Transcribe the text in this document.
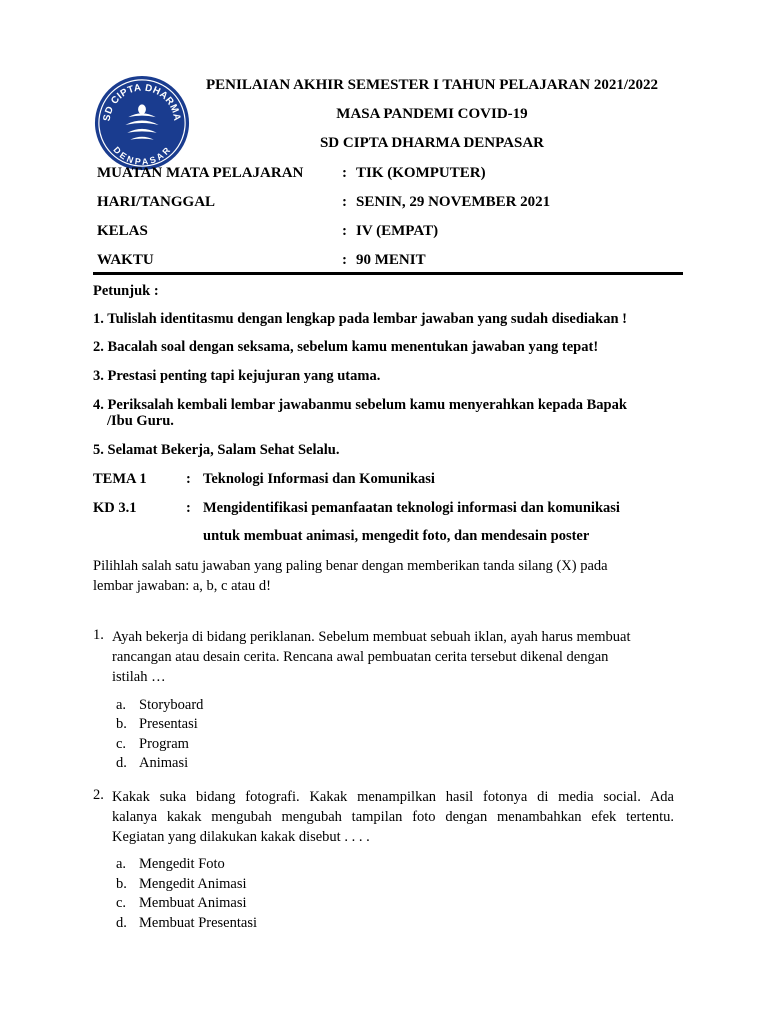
SD CIPTA DHARMA
DENPASAR
PENILAIAN AKHIR SEMESTER I TAHUN PELAJARAN 2021/2022
MASA PANDEMI COVID-19
SD CIPTA DHARMA DENPASAR
MUATAN MATA PELAJARAN	: TIK (KOMPUTER)
HARI/TANGGAL	: SENIN, 29 NOVEMBER 2021
KELAS	: IV (EMPAT)
WAKTU	: 90 MENIT
Petunjuk :
1. Tulislah identitasmu dengan lengkap pada lembar jawaban yang sudah disediakan !
2. Bacalah soal dengan seksama, sebelum kamu menentukan jawaban yang tepat!
3. Prestasi penting tapi kejujuran yang utama.
4. Periksalah kembali lembar jawabanmu sebelum kamu menyerahkan kepada Bapak
/Ibu Guru.
5. Selamat Bekerja, Salam Sehat Selalu.
TEMA 1	: Teknologi Informasi dan Komunikasi
KD 3.1	: Mengidentifikasi pemanfaatan teknologi informasi dan komunikasi
untuk membuat animasi, mengedit foto, dan mendesain poster
Pilihlah salah satu jawaban yang paling benar dengan memberikan tanda silang (X) pada
lembar jawaban: a, b, c atau d!
1. Ayah bekerja di bidang periklanan. Sebelum membuat sebuah iklan, ayah harus membuat
rancangan atau desain cerita. Rencana awal pembuatan cerita tersebut dikenal dengan
istilah …
a. Storyboard
b. Presentasi
c. Program
d. Animasi
2. Kakak suka bidang fotografi. Kakak menampilkan hasil fotonya di media social. Ada
kalanya kakak mengubah mengubah tampilan foto dengan menambahkan efek tertentu.
Kegiatan yang dilakukan kakak disebut . . . .
a. Mengedit Foto
b. Mengedit Animasi
c. Membuat Animasi
d. Membuat Presentasi
